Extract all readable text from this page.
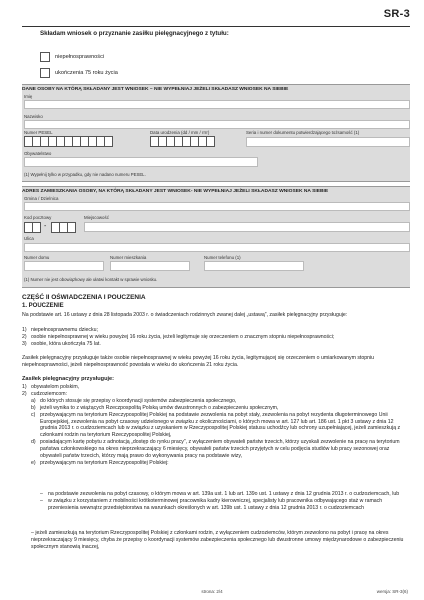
SR-3
Składam wniosek o przyznanie zasiłku pielęgnacyjnego z tytułu:
niepełnosprawności
ukończenia 75 roku życia
DANE OSOBY NA KTÓRĄ SKŁADANY JEST WNIOSEK – NIE WYPEŁNIAJ JEŻELI SKŁADASZ WNIOSEK NA SIEBIE
Imię
Nazwisko
Numer PESEL	Data urodzenia (dd / mm / rrrr)	Seria i numer dokumentu potwierdzającego tożsamość (1)
Obywatelstwo
(1) Wypełnij tylko w przypadku, gdy nie nadano numeru PESEL.
ADRES ZAMIESZKANIA OSOBY, NA KTÓRĄ SKŁADANY JEST WNIOSEK- NIE WYPEŁNIAJ JEŻELI SKŁADASZ WNIOSEK NA SIEBIE
Gmina / Dzielnica
Kod pocztowy
-
Miejscowość
Ulica
Numer domu	Numer mieszkania	Numer telefonu (1)
(1) Numer nie jest obowiązkowy ale ułatwi kontakt w sprawie wniosku.
CZĘŚĆ II OŚWIADCZENIA I POUCZENIA
1. POUCZENIE
Na podstawie art. 16 ustawy z dnia 28 listopada 2003 r. o świadczeniach rodzinnych zwanej dalej „ustawą”, zasiłek pielęgnacyjny przysługuje:
1) niepełnosprawnemu dziecku;
2) osobie niepełnosprawnej w wieku powyżej 16 roku życia, jeżeli legitymuje się orzeczeniem o znacznym stopniu niepełnosprawności;
3) osobie, która ukończyła 75 lat.
Zasiłek pielęgnacyjny przysługuje także osobie niepełnosprawnej w wieku powyżej 16 roku życia, legitymującej się orzeczeniem o umiarkowanym stopniu niepełnosprawności, jeżeli niepełnosprawność powstała w wieku do ukończenia 21 roku życia.
Zasiłek pielęgnacyjny przysługuje:
1) obywatelom polskim,
2) cudzoziemcom:
a) do których stosuje się przepisy o koordynacji systemów zabezpieczenia społecznego,
b) jeżeli wynika to z wiążących Rzeczpospolitą Polską umów dwustronnych o zabezpieczeniu społecznym,
c) przebywającym na terytorium Rzeczypospolitej Polskiej na podstawie zezwolenia na pobyt stały, zezwolenia na pobyt rezydenta długoterminowego Unii Europejskiej, zezwolenia na pobyt czasowy udzielonego w związku z okolicznościami, o których mowa w art. 127 lub art. 186 ust. 1 pkt 3 ustawy z dnia 12 grudnia 2013 r. o cudzoziemcach lub w związku z uzyskaniem w Rzeczypospolitej Polskiej statusu uchodźcy lub ochrony uzupełniającej, jeżeli zamieszkują z członkami rodzin na terytorium Rzeczypospolitej Polskiej,
d) posiadającym kartę pobytu z adnotacją „dostęp do rynku pracy”, z wyłączeniem obywateli państw trzecich, którzy uzyskali zezwolenie na pracę na terytorium państwa członkowskiego na okres nieprzekraczający 6 miesięcy, obywateli państw trzecich przyjętych w celu podjęcia studiów lub pracy sezonowej oraz obywateli państw trzecich, którzy mają prawo do wykonywania pracy na podstawie wizy,
e) przebywającym na terytorium Rzeczypospolitej Polskiej:
– na podstawie zezwolenia na pobyt czasowy, o którym mowa w art. 139a ust. 1 lub art. 139o ust. 1 ustawy z dnia 12 grudnia 2013 r. o cudzoziemcach, lub
– w związku z korzystaniem z mobilności krótkoterminowej pracownika kadry kierowniczej, specjalisty lub pracownika odbywającego staż w ramach przeniesienia wewnątrz przedsiębiorstwa na warunkach określonych w art. 139b ust. 1 ustawy z dnia 12 grudnia 2013 r. o cudzoziemcach
– jeżeli zamieszkują na terytorium Rzeczypospolitej Polskiej z członkami rodzin, z wyłączeniem cudzoziemców, którym zezwolono na pobyt i pracę na okres nieprzekraczający 9 miesięcy, chyba że przepisy o koordynacji systemów zabezpieczenia społecznego lub dwustronne umowy międzynarodowe o zabezpieczeniu społecznym stanowią inaczej,
strona: 2/4	wersja: SR-3(6)
